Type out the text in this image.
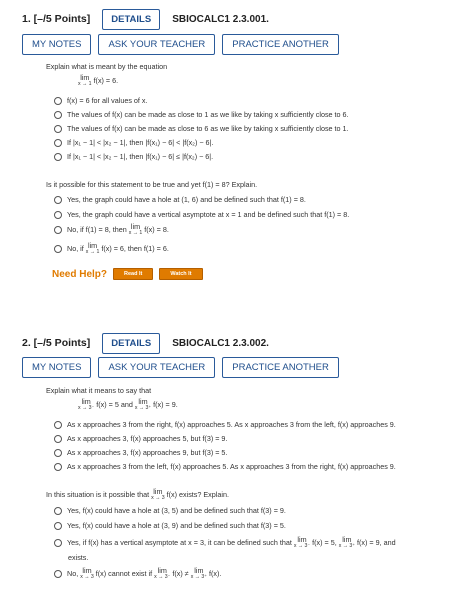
1. [–/5 Points]	DETAILS	SBIOCALC1 2.3.001.
MY NOTES	ASK YOUR TEACHER	PRACTICE ANOTHER
Explain what is meant by the equation
lim
x → 1 f(x) = 6.
f(x) = 6 for all values of x.
The values of f(x) can be made as close to 1 as we like by taking x sufficiently close to 6.
The values of f(x) can be made as close to 6 as we like by taking x sufficiently close to 1.
If |x₁ − 1| < |x₂ − 1|, then |f(x₁) − 6| < |f(x₂) − 6|.
If |x₁ − 1| < |x₂ − 1|, then |f(x₁) − 6| ≤ |f(x₂) − 6|.
Is it possible for this statement to be true and yet f(1) = 8? Explain.
Yes, the graph could have a hole at (1, 6) and be defined such that f(1) = 8.
Yes, the graph could have a vertical asymptote at x = 1 and be defined such that f(1) = 8.
No, if f(1) = 8, then lim
x → 1 f(x) = 8.
No, if lim
x → 1 f(x) = 6, then f(1) = 6.
Need Help?	Read It	Watch It
2. [–/5 Points]	DETAILS	SBIOCALC1 2.3.002.
MY NOTES	ASK YOUR TEACHER	PRACTICE ANOTHER
Explain what it means to say that
lim
x → 3⁻ f(x) = 5 and lim
x → 3⁺ f(x) = 9.
As x approaches 3 from the right, f(x) approaches 5. As x approaches 3 from the left, f(x) approaches 9.
As x approaches 3, f(x) approaches 5, but f(3) = 9.
As x approaches 3, f(x) approaches 9, but f(3) = 5.
As x approaches 3 from the left, f(x) approaches 5. As x approaches 3 from the right, f(x) approaches 9.
In this situation is it possible that lim
x → 3 f(x) exists? Explain.
Yes, f(x) could have a hole at (3, 5) and be defined such that f(3) = 9.
Yes, f(x) could have a hole at (3, 9) and be defined such that f(3) = 5.
Yes, if f(x) has a vertical asymptote at x = 3, it can be defined such that lim
x → 3⁻ f(x) = 5, lim
x → 3⁺ f(x) = 9, and
exists.
No, lim
x → 3 f(x) cannot exist if lim
x → 3⁻ f(x) ≠ lim
x → 3⁺ f(x).
